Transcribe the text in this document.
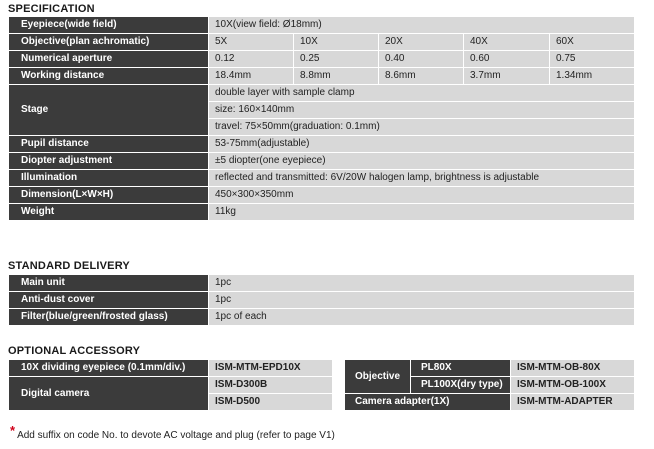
SPECIFICATION
Eyepiece(wide field)	10X(view field: Ø18mm)				
Objective(plan achromatic)	5X	10X	20X	40X	60X
Numerical aperture	0.12	0.25	0.40	0.60	0.75
Working distance	18.4mm	8.8mm	8.6mm	3.7mm	1.34mm
Stage	double layer with sample clamp				
	size: 160×140mm				
	travel: 75×50mm(graduation: 0.1mm)				
Pupil distance	53-75mm(adjustable)				
Diopter adjustment	±5 diopter(one eyepiece)				
Illumination	reflected and transmitted: 6V/20W halogen lamp, brightness is adjustable				
Dimension(L×W×H)	450×300×350mm				
Weight	11kg				
STANDARD DELIVERY
Main unit	1pc
Anti-dust cover	1pc
Filter(blue/green/frosted glass)	1pc of each
OPTIONAL ACCESSORY
10X dividing eyepiece (0.1mm/div.)	ISM-MTM-EPD10X
Digital camera	ISM-D300B
	ISM-D500
Objective	PL80X	ISM-MTM-OB-80X
	PL100X(dry type)	ISM-MTM-OB-100X
Camera adapter(1X)		ISM-MTM-ADAPTER
* Add suffix on code No. to devote AC voltage and plug (refer to page V1)
